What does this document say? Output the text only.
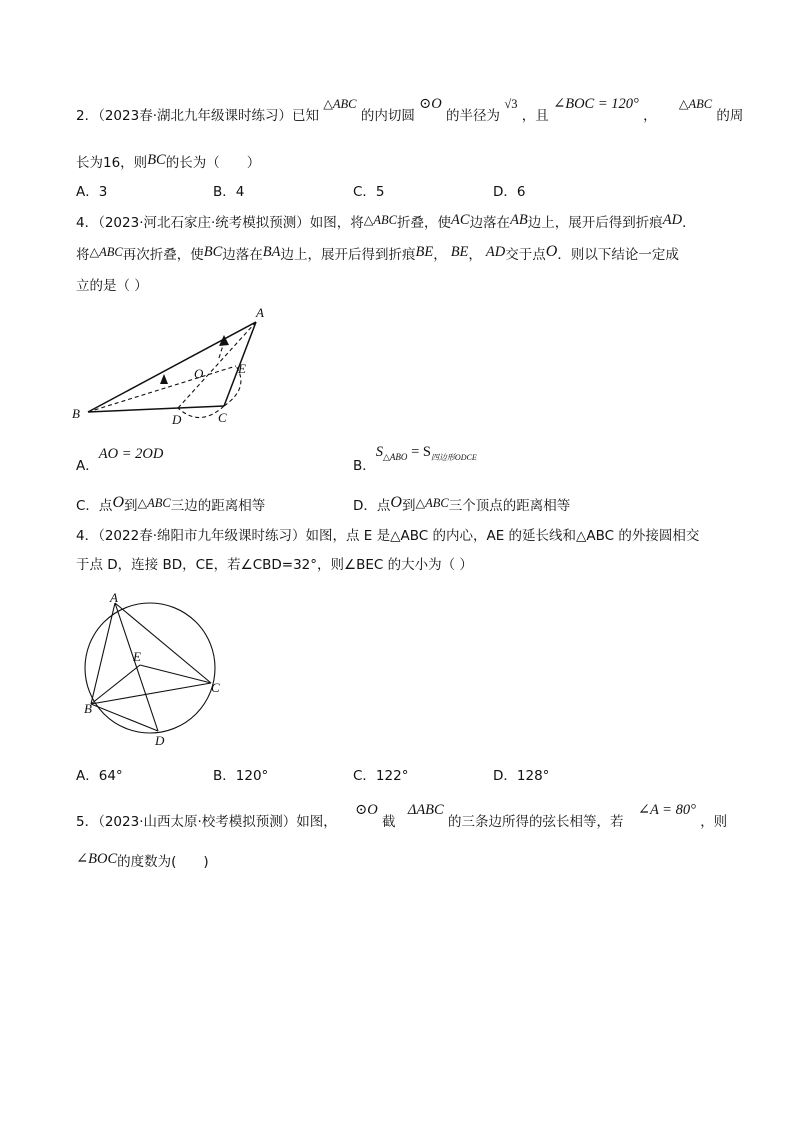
2．（2023春·湖北九年级课时练习）已知 △ABC 的内切圆 ⊙O 的半径为 √3 ，且 ∠BOC = 120° ， △ABC 的周
长为16，则BC的长为（　　）
A．3	B．4	C．5	D．6
4．（2023·河北石家庄·统考模拟预测）如图，将△ABC折叠，使AC边落在AB边上，展开后得到折痕AD．
将△ABC再次折叠，使BC边落在BA边上，展开后得到折痕BE， BE， AD交于点O．则以下结论一定成
立的是（ ）
A
B	C
D
E
O
A．AO = 2OD
B．$S_{\triangle ABO} = S_{四边形ODCE}$
C．点O到△ABC三边的距离相等	D．点O到△ABC三个顶点的距离相等
4．（2022春·绵阳市九年级课时练习）如图，点 E 是△ABC 的内心，AE 的延长线和△ABC 的外接圆相交
于点 D，连接 BD，CE，若∠CBD=32°，则∠BEC 的大小为（ ）
A
B
C
D
E
A．64°	B．120°	C．122°	D．128°
5．（2023·山西太原·校考模拟预测）如图， ⊙O 截 ΔABC 的三条边所得的弦长相等，若 ∠A = 80° ，则
∠BOC的度数为(　　)
